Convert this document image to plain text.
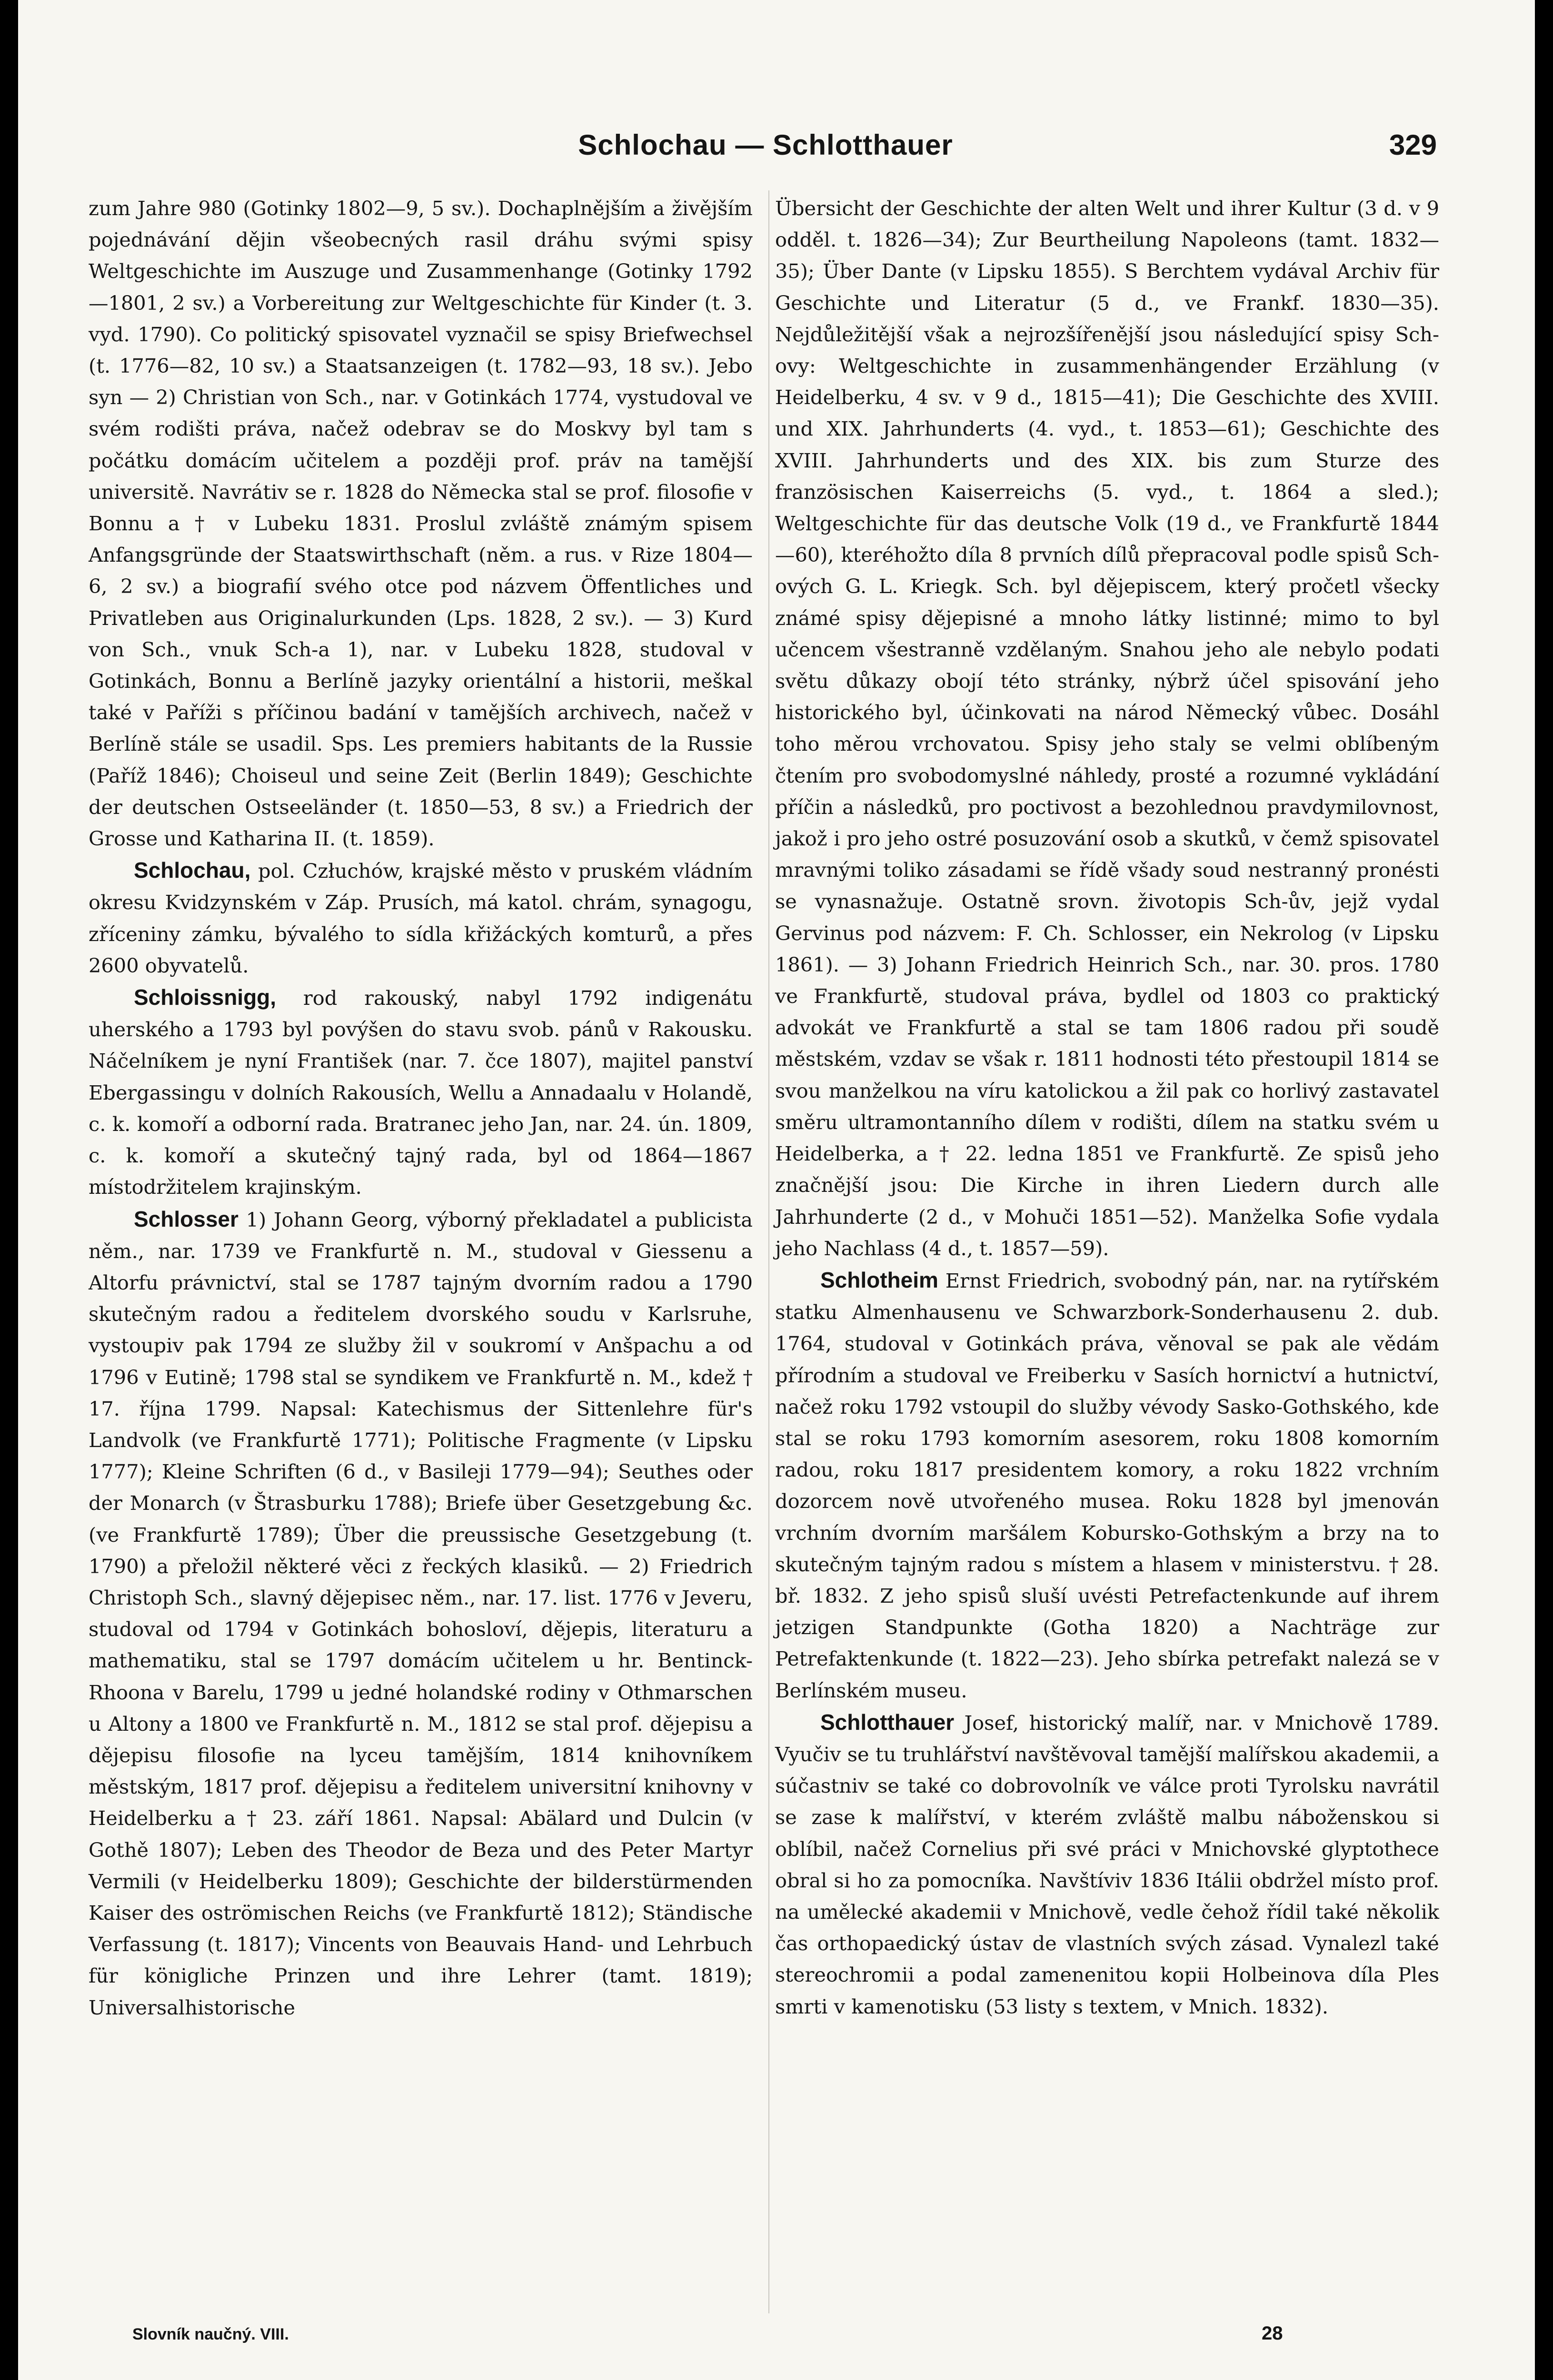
Schlochau — Schlotthauer	329

zum Jahre 980 (Gotinky 1802—9, 5 sv.). Dochaplnějším a živějším pojednávání dějin všeobecných rasil dráhu svými spisy Weltgeschichte im Auszuge und Zusammenhange (Gotinky 1792—1801, 2 sv.) a Vorbereitung zur Weltgeschichte für Kinder (t. 3. vyd. 1790). Co politický spisovatel vyznačil se spisy Briefwechsel (t. 1776—82, 10 sv.) a Staatsanzeigen (t. 1782—93, 18 sv.). Jebo syn — 2) Christian von Sch., nar. v Gotinkách 1774, vystudoval ve svém rodišti práva, načež odebrav se do Moskvy byl tam s počátku domácím učitelem a později prof. práv na tamější universitě. Navrátiv se r. 1828 do Německa stal se prof. filosofie v Bonnu a † v Lubeku 1831. Proslul zvláště známým spisem Anfangsgründe der Staatswirthschaft (něm. a rus. v Rize 1804—6, 2 sv.) a biografií svého otce pod názvem Öffentliches und Privatleben aus Originalurkunden (Lps. 1828, 2 sv.). — 3) Kurd von Sch., vnuk Sch-a 1), nar. v Lubeku 1828, studoval v Gotinkách, Bonnu a Berlíně jazyky orientální a historii, meškal také v Paříži s příčinou badání v tamějších archivech, načež v Berlíně stále se usadil. Sps. Les premiers habitants de la Russie (Paříž 1846); Choiseul und seine Zeit (Berlin 1849); Geschichte der deutschen Ostseeländer (t. 1850—53, 8 sv.) a Friedrich der Grosse und Katharina II. (t. 1859).

Schlochau, pol. Człuchów, krajské město v pruském vládním okresu Kvidzynském v Záp. Prusích, má katol. chrám, synagogu, zříceniny zámku, bývalého to sídla křižáckých komturů, a přes 2600 obyvatelů.

Schloissnigg, rod rakouský, nabyl 1792 indigenátu uherského a 1793 byl povýšen do stavu svob. pánů v Rakousku. Náčelníkem je nyní František (nar. 7. čce 1807), majitel panství Ebergassingu v dolních Rakousích, Wellu a Annadaalu v Holandě, c. k. komoří a odborní rada. Bratranec jeho Jan, nar. 24. ún. 1809, c. k. komoří a skutečný tajný rada, byl od 1864—1867 místodržitelem krajinským.

Schlosser 1) Johann Georg, výborný překladatel a publicista něm., nar. 1739 ve Frankfurtě n. M., studoval v Giessenu a Altorfu právnictví, stal se 1787 tajným dvorním radou a 1790 skutečným radou a ředitelem dvorského soudu v Karlsruhe, vystoupiv pak 1794 ze služby žil v soukromí v Anšpachu a od 1796 v Eutině; 1798 stal se syndikem ve Frankfurtě n. M., kdež † 17. října 1799. Napsal: Katechismus der Sittenlehre für's Landvolk (ve Frankfurtě 1771); Politische Fragmente (v Lipsku 1777); Kleine Schriften (6 d., v Basileji 1779—94); Seuthes oder der Monarch (v Štrasburku 1788); Briefe über Gesetzgebung &c. (ve Frankfurtě 1789); Über die preussische Gesetzgebung (t. 1790) a přeložil některé věci z řeckých klasiků. — 2) Friedrich Christoph Sch., slavný dějepisec něm., nar. 17. list. 1776 v Jeveru, studoval od 1794 v Gotinkách bohosloví, dějepis, literaturu a mathematiku, stal se 1797 domácím učitelem u hr. Bentinck-Rhoona v Barelu, 1799 u jedné holandské rodiny v Othmarschen u Altony a 1800 ve Frankfurtě n. M., 1812 se stal prof. dějepisu a dějepisu filosofie na lyceu tamějším, 1814 knihovníkem městským, 1817 prof. dějepisu a ředitelem universitní knihovny v Heidelberku a † 23. září 1861. Napsal: Abälard und Dulcin (v Gothě 1807); Leben des Theodor de Beza und des Peter Martyr Vermili (v Heidelberku 1809); Geschichte der bilderstürmenden Kaiser des oströmischen Reichs (ve Frankfurtě 1812); Ständische Verfassung (t. 1817); Vincents von Beauvais Hand- und Lehrbuch für königliche Prinzen und ihre Lehrer (tamt. 1819); Universalhistorische

Übersicht der Geschichte der alten Welt und ihrer Kultur (3 d. v 9 odděl. t. 1826—34); Zur Beurtheilung Napoleons (tamt. 1832—35); Über Dante (v Lipsku 1855). S Berchtem vydával Archiv für Geschichte und Literatur (5 d., ve Frankf. 1830—35). Nejdůležitější však a nejrozšířenější jsou následující spisy Sch-ovy: Weltgeschichte in zusammenhängender Erzählung (v Heidelberku, 4 sv. v 9 d., 1815—41); Die Geschichte des XVIII. und XIX. Jahrhunderts (4. vyd., t. 1853—61); Geschichte des XVIII. Jahrhunderts und des XIX. bis zum Sturze des französischen Kaiserreichs (5. vyd., t. 1864 a sled.); Weltgeschichte für das deutsche Volk (19 d., ve Frankfurtě 1844—60), kteréhožto díla 8 prvních dílů přepracoval podle spisů Sch-ových G. L. Kriegk. Sch. byl dějepiscem, který pročetl všecky známé spisy dějepisné a mnoho látky listinné; mimo to byl učencem všestranně vzdělaným. Snahou jeho ale nebylo podati světu důkazy obojí této stránky, nýbrž účel spisování jeho historického byl, účinkovati na národ Německý vůbec. Dosáhl toho měrou vrchovatou. Spisy jeho staly se velmi oblíbeným čtením pro svobodomyslné náhledy, prosté a rozumné vykládání příčin a následků, pro poctivost a bezohlednou pravdymilovnost, jakož i pro jeho ostré posuzování osob a skutků, v čemž spisovatel mravnými toliko zásadami se řídě všady soud nestranný pronésti se vynasnažuje. Ostatně srovn. životopis Sch-ův, jejž vydal Gervinus pod názvem: F. Ch. Schlosser, ein Nekrolog (v Lipsku 1861). — 3) Johann Friedrich Heinrich Sch., nar. 30. pros. 1780 ve Frankfurtě, studoval práva, bydlel od 1803 co praktický advokát ve Frankfurtě a stal se tam 1806 radou při soudě městském, vzdav se však r. 1811 hodnosti této přestoupil 1814 se svou manželkou na víru katolickou a žil pak co horlivý zastavatel směru ultramontanního dílem v rodišti, dílem na statku svém u Heidelberka, a † 22. ledna 1851 ve Frankfurtě. Ze spisů jeho značnější jsou: Die Kirche in ihren Liedern durch alle Jahrhunderte (2 d., v Mohuči 1851—52). Manželka Sofie vydala jeho Nachlass (4 d., t. 1857—59).

Schlotheim Ernst Friedrich, svobodný pán, nar. na rytířském statku Almenhausenu ve Schwarzbork-Sonderhausenu 2. dub. 1764, studoval v Gotinkách práva, věnoval se pak ale vědám přírodním a studoval ve Freiberku v Sasích hornictví a hutnictví, načež roku 1792 vstoupil do služby vévody Sasko-Gothského, kde stal se roku 1793 komorním asesorem, roku 1808 komorním radou, roku 1817 presidentem komory, a roku 1822 vrchním dozorcem nově utvořeného musea. Roku 1828 byl jmenován vrchním dvorním maršálem Kobursko-Gothským a brzy na to skutečným tajným radou s místem a hlasem v ministerstvu. † 28. bř. 1832. Z jeho spisů sluší uvésti Petrefactenkunde auf ihrem jetzigen Standpunkte (Gotha 1820) a Nachträge zur Petrefaktenkunde (t. 1822—23). Jeho sbírka petrefakt nalezá se v Berlínském museu.

Schlotthauer Josef, historický malíř, nar. v Mnichově 1789. Vyučiv se tu truhlářství navštěvoval tamější malířskou akademii, a súčastniv se také co dobrovolník ve válce proti Tyrolsku navrátil se zase k malířství, v kterém zvláště malbu náboženskou si oblíbil, načež Cornelius při své práci v Mnichovské glyptothece obral si ho za pomocníka. Navštíviv 1836 Itálii obdržel místo prof. na umělecké akademii v Mnichově, vedle čehož řídil také několik čas orthopaedický ústav de vlastních svých zásad. Vynalezl také stereochromii a podal zamenenitou kopii Holbeinova díla Ples smrti v kamenotisku (53 listy s textem, v Mnich. 1832).

Slovník naučný. VIII.	28
